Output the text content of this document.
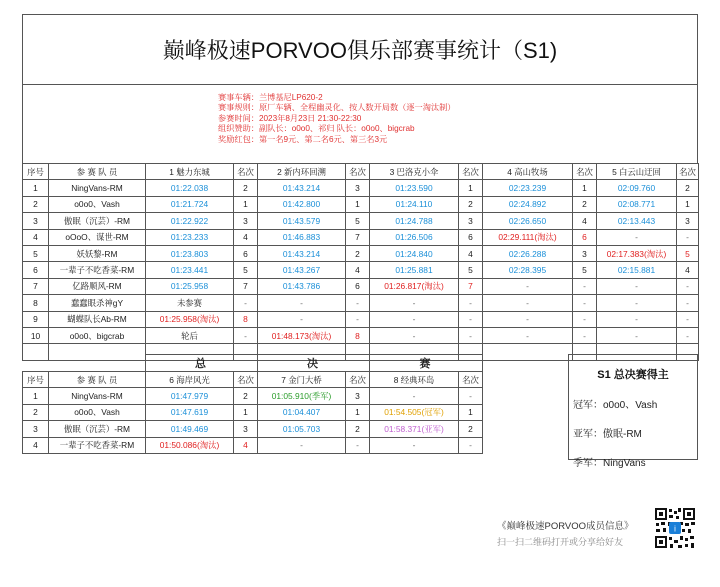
巅峰极速PORVOO俱乐部赛事统计（S1)
赛事车辆：兰博基尼LP620-2
赛事规则：原厂车辆、全程幽灵化、按人数开局数（逐一淘汰制）
参赛时间：2023年8月23日 21:30-22:30
组织赞助：副队长：o0o0、祁归 队长：o0o0、bigcrab
奖励红包：第一名9元、第二名6元、第三名3元
序号	参 赛 队 员	1 魅力东城	名次	2 新内环回溯	名次	3 巴洛克小伞	名次	4 高山牧场	名次	5 白云山迂回	名次
1	NingVans-RM	01:22.038	2	01:43.214	3	01:23.590	1	02:23.239	1	02:09.760	2
2	o0o0、Vash	01:21.724	1	01:42.800	1	01:24.110	2	02:24.892	2	02:08.771	1
3	傲眠（沉芸）-RM	01:22.922	3	01:43.579	5	01:24.788	3	02:26.650	4	02:13.443	3
4	oOoO、谋世-RM	01:23.233	4	01:46.883	7	01:26.506	6	02:29.111(淘汰)	6	-	-
5	妖妖黎-RM	01:23.803	6	01:43.214	2	01:24.840	4	02:26.288	3	02:17.383(淘汰)	5
6	一辈子不吃香菜-RM	01:23.441	5	01:43.267	4	01:25.881	5	02:28.395	5	02:15.881	4
7	亿路顺风-RM	01:25.958	7	01:43.786	6	01:26.817(淘汰)	7	-	-	-	-
8	蠢蠢眼杀神gY	未参赛	-	-	-	-	-	-	-	-	-
9	蝴蝶队长Ab-RM	01:25.958(淘汰)	8	-	-	-	-	-	-	-	-
10	o0o0、bigcrab	轮后	-	01:48.173(淘汰)	8	-	-	-	-	-	-

		总		决		赛	
序号	参 赛 队 员	6 海岸风光	名次	7 金门大桥	名次	8 经典环岛	名次
1	NingVans-RM	01:47.979	2	01:05.910(季军)	3	-	-
2	o0o0、Vash	01:47.619	1	01:04.407	1	01:54.505(冠军)	1
3	傲眠（沉芸）-RM	01:49.469	3	01:05.703	2	01:58.371(亚军)	2
4	一辈子不吃香菜-RM	01:50.086(淘汰)	4	-	-	-	-
S1 总决赛得主
冠军：o0o0、Vash
亚军：傲眠-RM
季军：NingVans
《巅峰极速PORVOO成员信息》
扫一扫二维码打开或分享给好友
i
